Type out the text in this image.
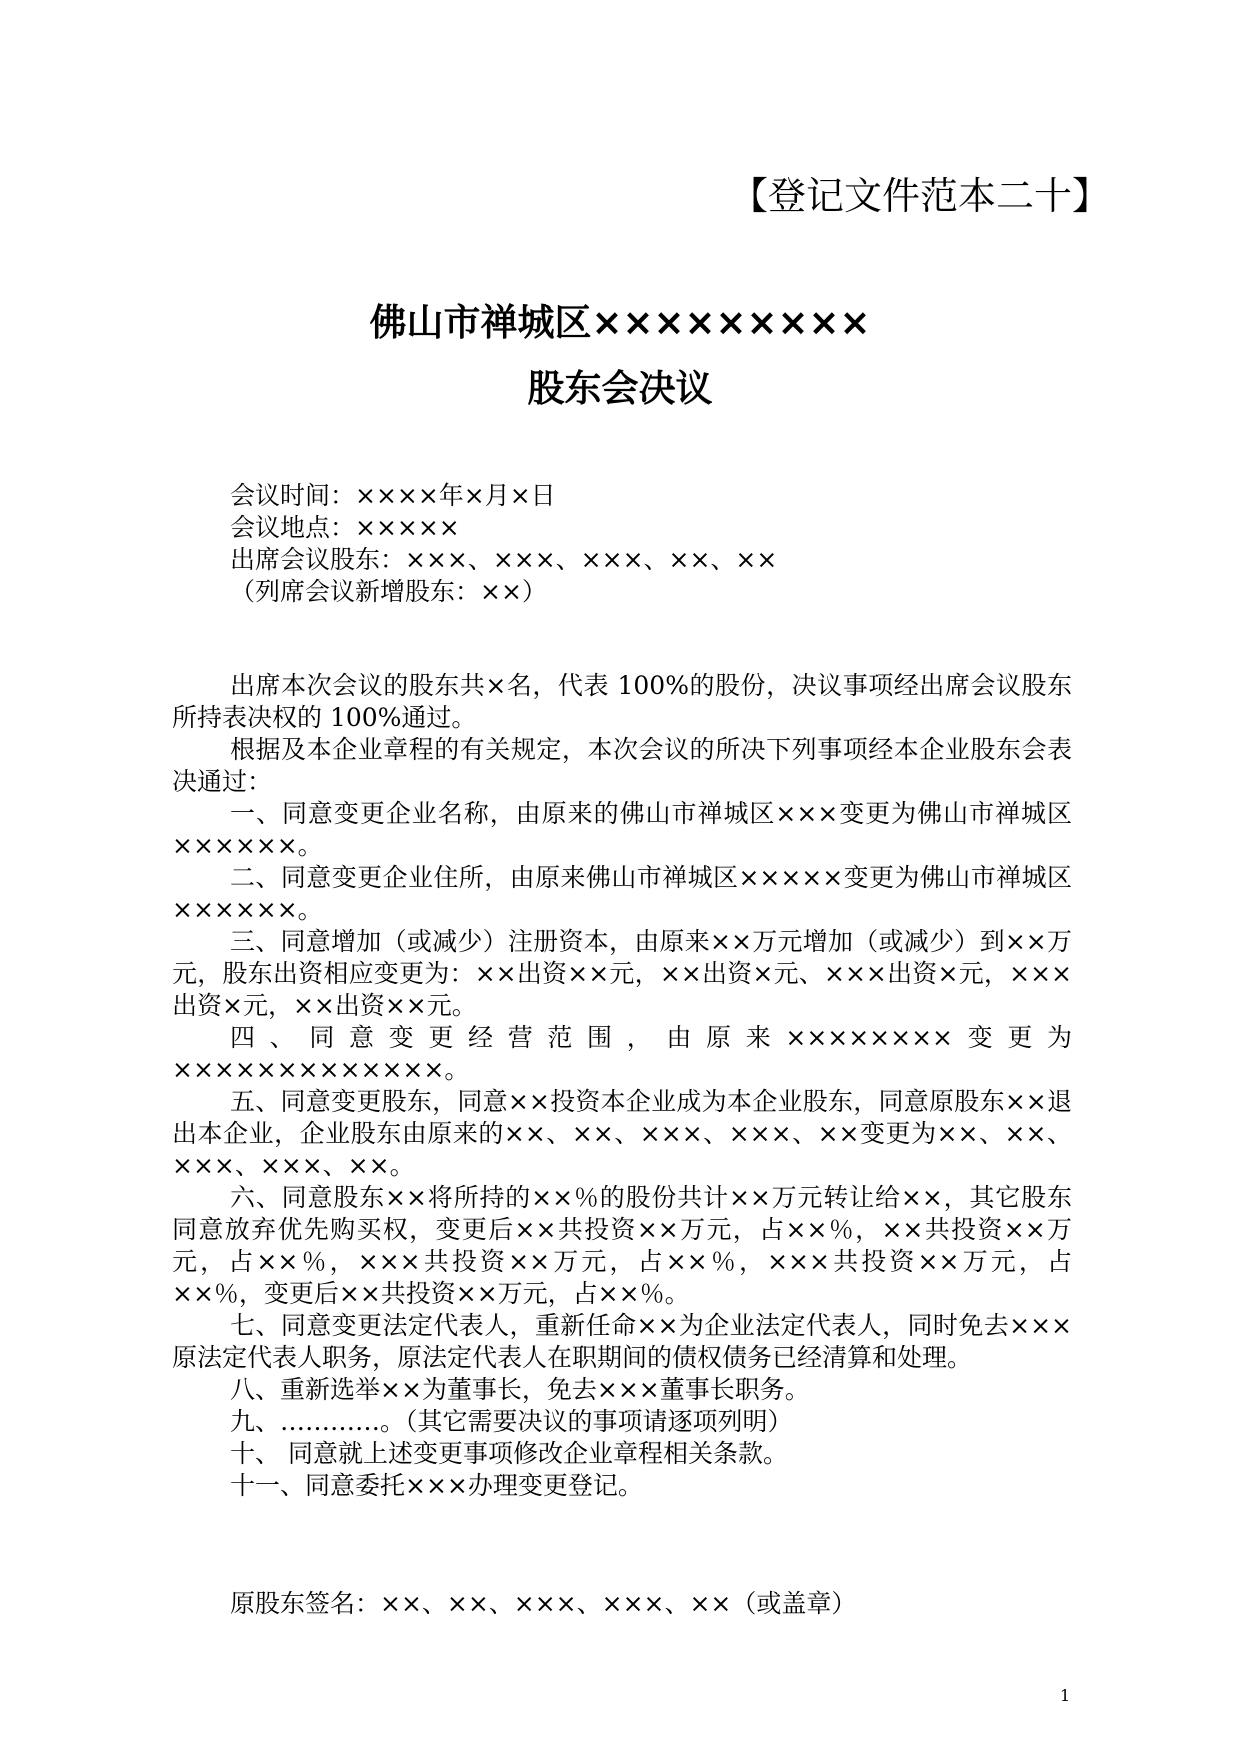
【登记文件范本二十】
佛山市禅城区×××××××××
股东会决议
会议时间：××××年×月×日
会议地点：×××××
出席会议股东：×××、×××、×××、××、××
（列席会议新增股东：××）

出席本次会议的股东共×名，代表 100%的股份，决议事项经出席会议股东所持表决权的 100%通过。

根据及本企业章程的有关规定，本次会议的所决下列事项经本企业股东会表决通过：

一、同意变更企业名称，由原来的佛山市禅城区×××变更为佛山市禅城区××××××。

二、同意变更企业住所，由原来佛山市禅城区×××××变更为佛山市禅城区××××××。

三、同意增加（或减少）注册资本，由原来××万元增加（或减少）到××万元，股东出资相应变更为：××出资××元，××出资×元、×××出资×元，×××出资×元，××出资××元。

四、同意变更经营范围，由原来××××××××变更为×××××××××××××。

五、同意变更股东，同意××投资本企业成为本企业股东，同意原股东××退出本企业，企业股东由原来的××、××、×××、×××、××变更为××、××、×××、×××、××。

六、同意股东××将所持的××％的股份共计××万元转让给××，其它股东同意放弃优先购买权，变更后××共投资××万元，占××％，××共投资××万元，占××％，×××共投资××万元，占××％，×××共投资××万元，占××％，变更后××共投资××万元，占××％。

七、同意变更法定代表人，重新任命××为企业法定代表人，同时免去×××原法定代表人职务，原法定代表人在职期间的债权债务已经清算和处理。

八、重新选举××为董事长，免去×××董事长职务。

九、…………。（其它需要决议的事项请逐项列明）

十、 同意就上述变更事项修改企业章程相关条款。

十一、同意委托×××办理变更登记。

原股东签名：××、××、×××、×××、××（或盖章）
1
